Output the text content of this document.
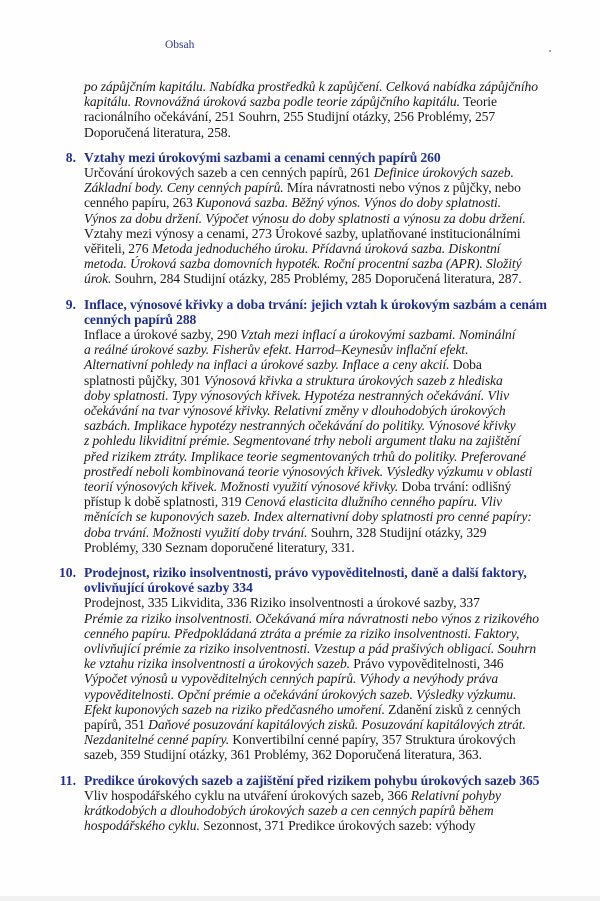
Obsah
po zápůjčním kapitálu. Nabídka prostředků k zapůjčení. Celková nabídka zápůjčního
kapitálu. Rovnovážná úroková sazba podle teorie zápůjčního kapitálu. Teorie
racionálního očekávání, 251 Souhrn, 255 Studijní otázky, 256 Problémy, 257
Doporučená literatura, 258.
8. Vztahy mezi úrokovými sazbami a cenami cenných papírů 260
Určování úrokových sazeb a cen cenných papírů, 261 Definice úrokových sazeb.
Základní body. Ceny cenných papírů. Míra návratnosti nebo výnos z půjčky, nebo
cenného papíru, 263 Kuponová sazba. Běžný výnos. Výnos do doby splatnosti.
Výnos za dobu držení. Výpočet výnosu do doby splatnosti a výnosu za dobu držení.
Vztahy mezi výnosy a cenami, 273 Úrokové sazby, uplatňované institucionálními
věřiteli, 276 Metoda jednoduchého úroku. Přídavná úroková sazba. Diskontní
metoda. Úroková sazba domovních hypoték. Roční procentní sazba (APR). Složitý
úrok. Souhrn, 284 Studijní otázky, 285 Problémy, 285 Doporučená literatura, 287.
9. Inflace, výnosové křivky a doba trvání: jejich vztah k úrokovým sazbám a cenám
cenných papírů 288
Inflace a úrokové sazby, 290 Vztah mezi inflací a úrokovými sazbami. Nominální
a reálné úrokové sazby. Fisherův efekt. Harrod–Keynesův inflační efekt.
Alternativní pohledy na inflaci a úrokové sazby. Inflace a ceny akcií. Doba
splatnosti půjčky, 301 Výnosová křivka a struktura úrokových sazeb z hlediska
doby splatnosti. Typy výnosových křivek. Hypotéza nestranných očekávání. Vliv
očekávání na tvar výnosové křivky. Relativní změny v dlouhodobých úrokových
sazbách. Implikace hypotézy nestranných očekávání do politiky. Výnosové křivky
z pohledu likviditní prémie. Segmentované trhy neboli argument tlaku na zajištění
před rizikem ztráty. Implikace teorie segmentovaných trhů do politiky. Preferované
prostředí neboli kombinovaná teorie výnosových křivek. Výsledky výzkumu v oblasti
teorií výnosových křivek. Možnosti využití výnosové křivky. Doba trvání: odlišný
přístup k době splatnosti, 319 Cenová elasticita dlužního cenného papíru. Vliv
měnících se kuponových sazeb. Index alternativní doby splatnosti pro cenné papíry:
doba trvání. Možnosti využití doby trvání. Souhrn, 328 Studijní otázky, 329
Problémy, 330 Seznam doporučené literatury, 331.
10. Prodejnost, riziko insolventnosti, právo vypověditelnosti, daně a další faktory,
ovlivňující úrokové sazby 334
Prodejnost, 335 Likvidita, 336 Riziko insolventnosti a úrokové sazby, 337
Prémie za riziko insolventnosti. Očekávaná míra návratnosti nebo výnos z rizikového
cenného papíru. Předpokládaná ztráta a prémie za riziko insolventnosti. Faktory,
ovlivňující prémie za riziko insolventnosti. Vzestup a pád prašivých obligací. Souhrn
ke vztahu rizika insolventnosti a úrokových sazeb. Právo vypověditelnosti, 346
Výpočet výnosů u vypověditelných cenných papírů. Výhody a nevýhody práva
vypověditelnosti. Opční prémie a očekávání úrokových sazeb. Výsledky výzkumu.
Efekt kuponových sazeb na riziko předčasného umoření. Zdanění zisků z cenných
papírů, 351 Daňové posuzování kapitálových zisků. Posuzování kapitálových ztrát.
Nezdanitelné cenné papíry. Konvertibilní cenné papíry, 357 Struktura úrokových
sazeb, 359 Studijní otázky, 361 Problémy, 362 Doporučená literatura, 363.
11. Predikce úrokových sazeb a zajištění před rizikem pohybu úrokových sazeb 365
Vliv hospodářského cyklu na utváření úrokových sazeb, 366 Relativní pohyby
krátkodobých a dlouhodobých úrokových sazeb a cen cenných papírů během
hospodářského cyklu. Sezonnost, 371 Predikce úrokových sazeb: výhody
